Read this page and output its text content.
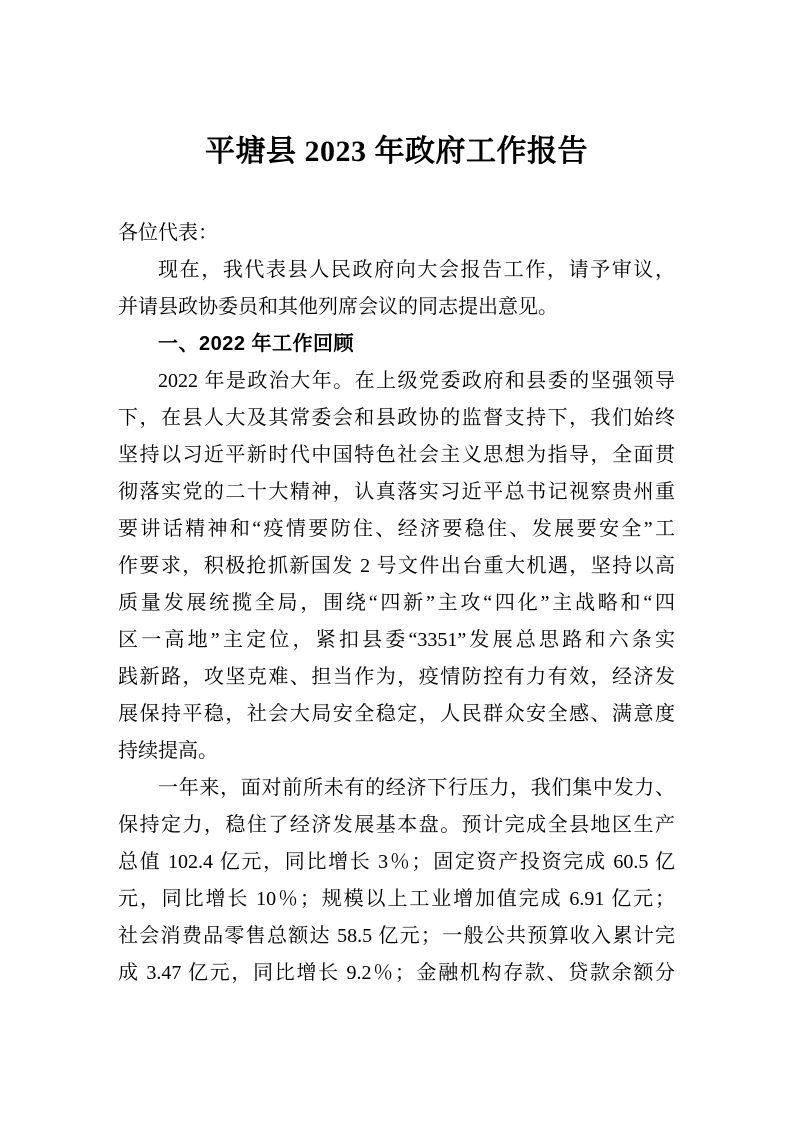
平塘县 2023 年政府工作报告
各位代表：
现在，我代表县人民政府向大会报告工作，请予审议，
并请县政协委员和其他列席会议的同志提出意见。
一、2022 年工作回顾
2022 年是政治大年。在上级党委政府和县委的坚强领导
下，在县人大及其常委会和县政协的监督支持下，我们始终
坚持以习近平新时代中国特色社会主义思想为指导，全面贯
彻落实党的二十大精神，认真落实习近平总书记视察贵州重
要讲话精神和“疫情要防住、经济要稳住、发展要安全”工
作要求，积极抢抓新国发 2 号文件出台重大机遇，坚持以高
质量发展统揽全局，围绕“四新”主攻“四化”主战略和“四
区一高地”主定位，紧扣县委“3351”发展总思路和六条实
践新路，攻坚克难、担当作为，疫情防控有力有效，经济发
展保持平稳，社会大局安全稳定，人民群众安全感、满意度
持续提高。
一年来，面对前所未有的经济下行压力，我们集中发力、
保持定力，稳住了经济发展基本盘。预计完成全县地区生产
总值 102.4 亿元，同比增长 3％；固定资产投资完成 60.5 亿
元，同比增长 10％；规模以上工业增加值完成 6.91 亿元；
社会消费品零售总额达 58.5 亿元；一般公共预算收入累计完
成 3.47 亿元，同比增长 9.2％；金融机构存款、贷款余额分
